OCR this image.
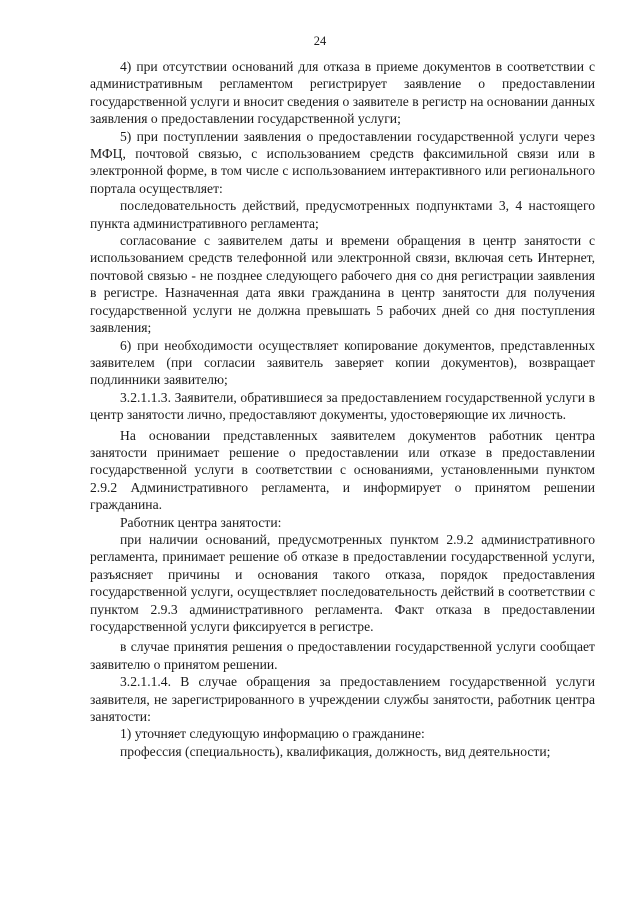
24

4) при отсутствии оснований для отказа в приеме документов в соответствии с административным регламентом регистрирует заявление о предоставлении государственной услуги и вносит сведения о заявителе в регистр на основании данных заявления о предоставлении государственной услуги;

5) при поступлении заявления о предоставлении государственной услуги через МФЦ, почтовой связью, с использованием средств факсимильной связи или в электронной форме, в том числе с использованием интерактивного или регионального портала осуществляет:

последовательность действий, предусмотренных подпунктами 3, 4 настоящего пункта административного регламента;

согласование с заявителем даты и времени обращения в центр занятости с использованием средств телефонной или электронной связи, включая сеть Интернет, почтовой связью - не позднее следующего рабочего дня со дня регистрации заявления в регистре. Назначенная дата явки гражданина в центр занятости для получения государственной услуги не должна превышать 5 рабочих дней со дня поступления заявления;

6) при необходимости осуществляет копирование документов, представленных заявителем (при согласии заявитель заверяет копии документов), возвращает подлинники заявителю;

3.2.1.1.3. Заявители, обратившиеся за предоставлением государственной услуги в центр занятости лично, предоставляют документы, удостоверяющие их личность.

На основании представленных заявителем документов работник центра занятости принимает решение о предоставлении или отказе в предоставлении государственной услуги в соответствии с основаниями, установленными пунктом 2.9.2 Административного регламента, и информирует о принятом решении гражданина.

Работник центра занятости:

при наличии оснований, предусмотренных пунктом 2.9.2 административного регламента, принимает решение об отказе в предоставлении государственной услуги, разъясняет причины и основания такого отказа, порядок предоставления государственной услуги, осуществляет последовательность действий в соответствии с пунктом 2.9.3 административного регламента. Факт отказа в предоставлении государственной услуги фиксируется в регистре.

в случае принятия решения о предоставлении государственной услуги сообщает заявителю о принятом решении.

3.2.1.1.4. В случае обращения за предоставлением государственной услуги заявителя, не зарегистрированного в учреждении службы занятости, работник центра занятости:

1) уточняет следующую информацию о гражданине:

профессия (специальность), квалификация, должность, вид деятельности;
